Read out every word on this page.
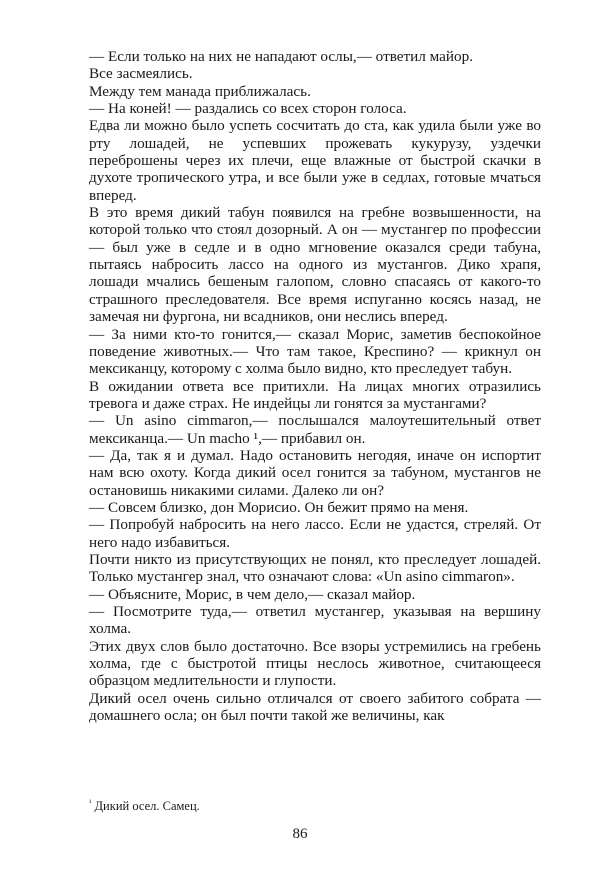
— Если только на них не нападают ослы,— ответил майор.

Все засмеялись.

Между тем манада приближалась.

— На коней! — раздались со всех сторон голоса.

Едва ли можно было успеть сосчитать до ста, как удила были уже во рту лошадей, не успевших прожевать кукурузу, уздечки переброшены через их плечи, еще влажные от быстрой скачки в духоте тропического утра, и все были уже в седлах, готовые мчаться вперед.

В это время дикий табун появился на гребне возвышенности, на которой только что стоял дозорный. А он — мустангер по профессии — был уже в седле и в одно мгновение оказался среди табуна, пытаясь набросить лассо на одного из мустангов. Дико храпя, лошади мчались бешеным галопом, словно спасаясь от какого-то страшного преследователя. Все время испуганно косясь назад, не замечая ни фургона, ни всадников, они неслись вперед.

— За ними кто-то гонится,— сказал Морис, заметив беспокойное поведение животных.— Что там такое, Креспино? — крикнул он мексиканцу, которому с холма было видно, кто преследует табун.

В ожидании ответа все притихли. На лицах многих отразились тревога и даже страх. Не индейцы ли гонятся за мустангами?

— Un asino cimmaron,— послышался малоутешительный ответ мексиканца.— Un macho ¹,— прибавил он.

— Да, так я и думал. Надо остановить негодяя, иначе он испортит нам всю охоту. Когда дикий осел гонится за табуном, мустангов не остановишь никакими силами. Далеко ли он?

— Совсем близко, дон Морисио. Он бежит прямо на меня.

— Попробуй набросить на него лассо. Если не удастся, стреляй. От него надо избавиться.

Почти никто из присутствующих не понял, кто преследует лошадей. Только мустангер знал, что означают слова: «Un asino cimmaron».

— Объясните, Морис, в чем дело,— сказал майор.

— Посмотрите туда,— ответил мустангер, указывая на вершину холма.

Этих двух слов было достаточно. Все взоры устремились на гребень холма, где с быстротой птицы неслось животное, считающееся образцом медлительности и глупости.

Дикий осел очень сильно отличался от своего забитого собрата — домашнего осла; он был почти такой же величины, как

$^{^1}$ Дикий осел. Самец.
86
